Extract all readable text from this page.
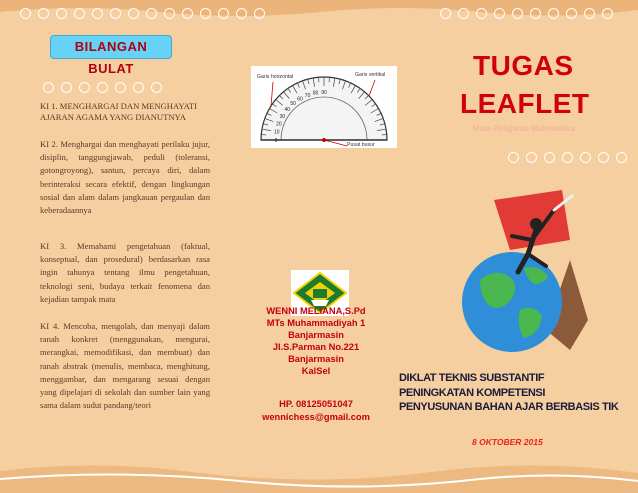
BILANGAN BULAT

KI 1. MENGHARGAI DAN MENGHAYATI AJARAN AGAMA YANG DIANUTNYA

KI 2. Menghargai dan menghayati perilaku jujur, disiplin, tanggungjawab, peduli (toleransi, gotongroyong), santun, percaya diri, dalam berinteraksi secara efektif, dengan lingkungan sosial dan alam dalam jangkauan pergaulan dan keberadaannya

KI 3. Memahami pengetahuan (faktual, konseptual, dan prosedural) berdasarkan rasa ingin tahunya tentang ilmu pengetahuan, teknologi seni, budaya terkait fenomena dan kejadian tampak mata

KI 4. Mencoba, mengolah, dan menyaji dalam ranah konkret (menggunakan, mengurai, merangkai, memodifikasi, dan membuat) dan ranah abstrak (menulis, membaca, menghitung, menggambar, dan mengarang sesuai dengan yang dipelajari di sekolah dan sumber lain yang sama dalam sudut pandang/teori

Garis horizontal	Garis vertikal
Pusat busur
0
10
20
30
40
50
60
70 80 90
WENNI MELIANA,S.Pd
MTs Muhammadiyah 1
Banjarmasin
Jl.S.Parman No.221
Banjarmasin
KalSel
HP. 08125051047
wennichess@gmail.com
TUGAS
LEAFLET
Mata Pelajaran Matematika
DIKLAT TEKNIS SUBSTANTIF
PENINGKATAN KOMPETENSI
PENYUSUNAN BAHAN AJAR BERBASIS TIK
8 OKTOBER 2015
